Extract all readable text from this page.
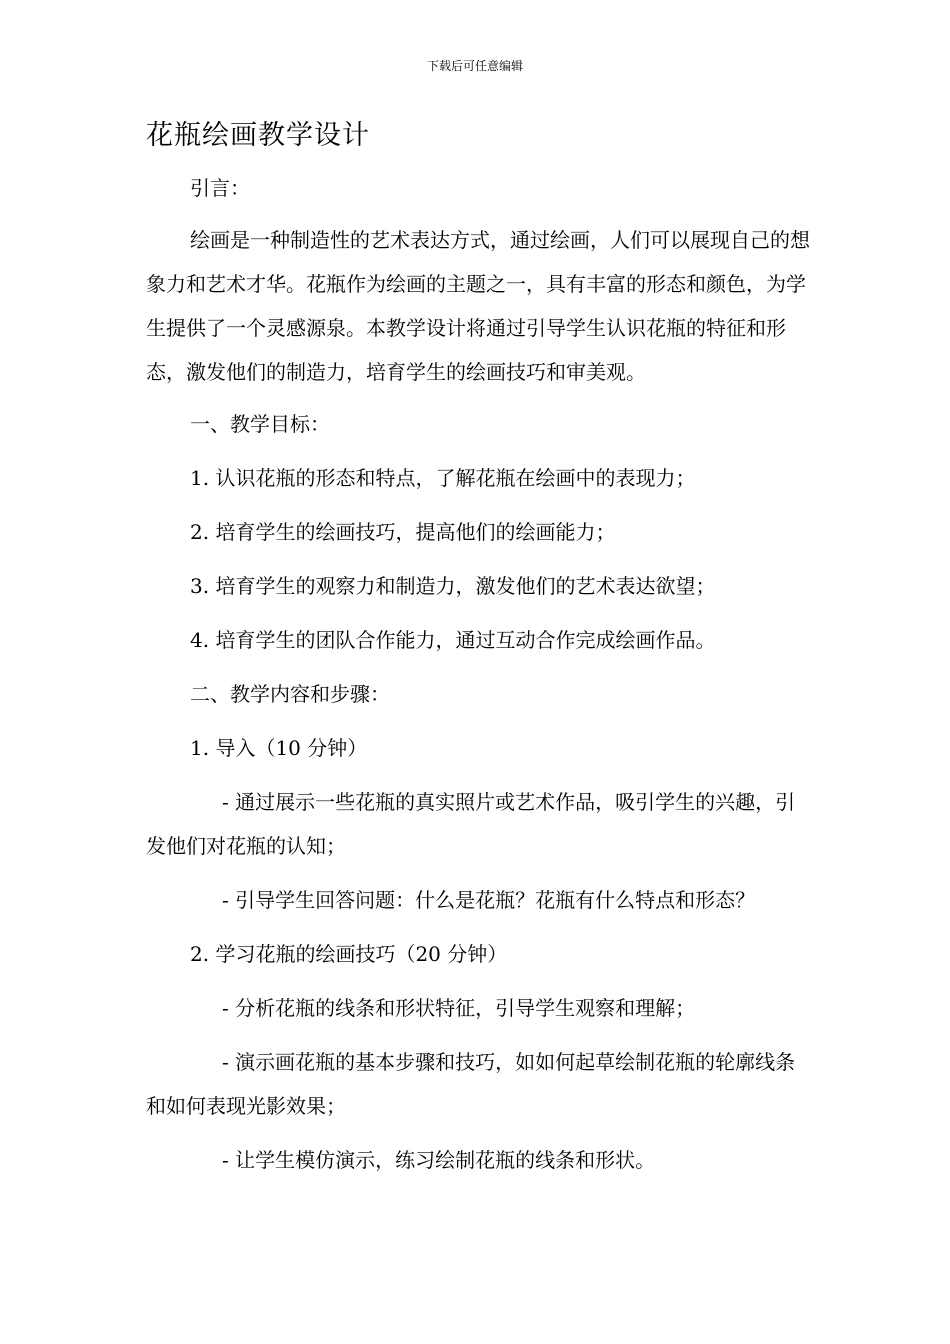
下载后可任意编辑
花瓶绘画教学设计

引言：

绘画是一种制造性的艺术表达方式，通过绘画，人们可以展现自己的想象力和艺术才华。花瓶作为绘画的主题之一，具有丰富的形态和颜色，为学生提供了一个灵感源泉。本教学设计将通过引导学生认识花瓶的特征和形态，激发他们的制造力，培育学生的绘画技巧和审美观。

一、教学目标：

1. 认识花瓶的形态和特点，了解花瓶在绘画中的表现力；

2. 培育学生的绘画技巧，提高他们的绘画能力；

3. 培育学生的观察力和制造力，激发他们的艺术表达欲望；

4. 培育学生的团队合作能力，通过互动合作完成绘画作品。

二、教学内容和步骤：

1. 导入（10 分钟）

- 通过展示一些花瓶的真实照片或艺术作品，吸引学生的兴趣，引发他们对花瓶的认知；

- 引导学生回答问题：什么是花瓶？花瓶有什么特点和形态？

2. 学习花瓶的绘画技巧（20 分钟）

- 分析花瓶的线条和形状特征，引导学生观察和理解；

- 演示画花瓶的基本步骤和技巧，如如何起草绘制花瓶的轮廓线条和如何表现光影效果；

- 让学生模仿演示，练习绘制花瓶的线条和形状。
